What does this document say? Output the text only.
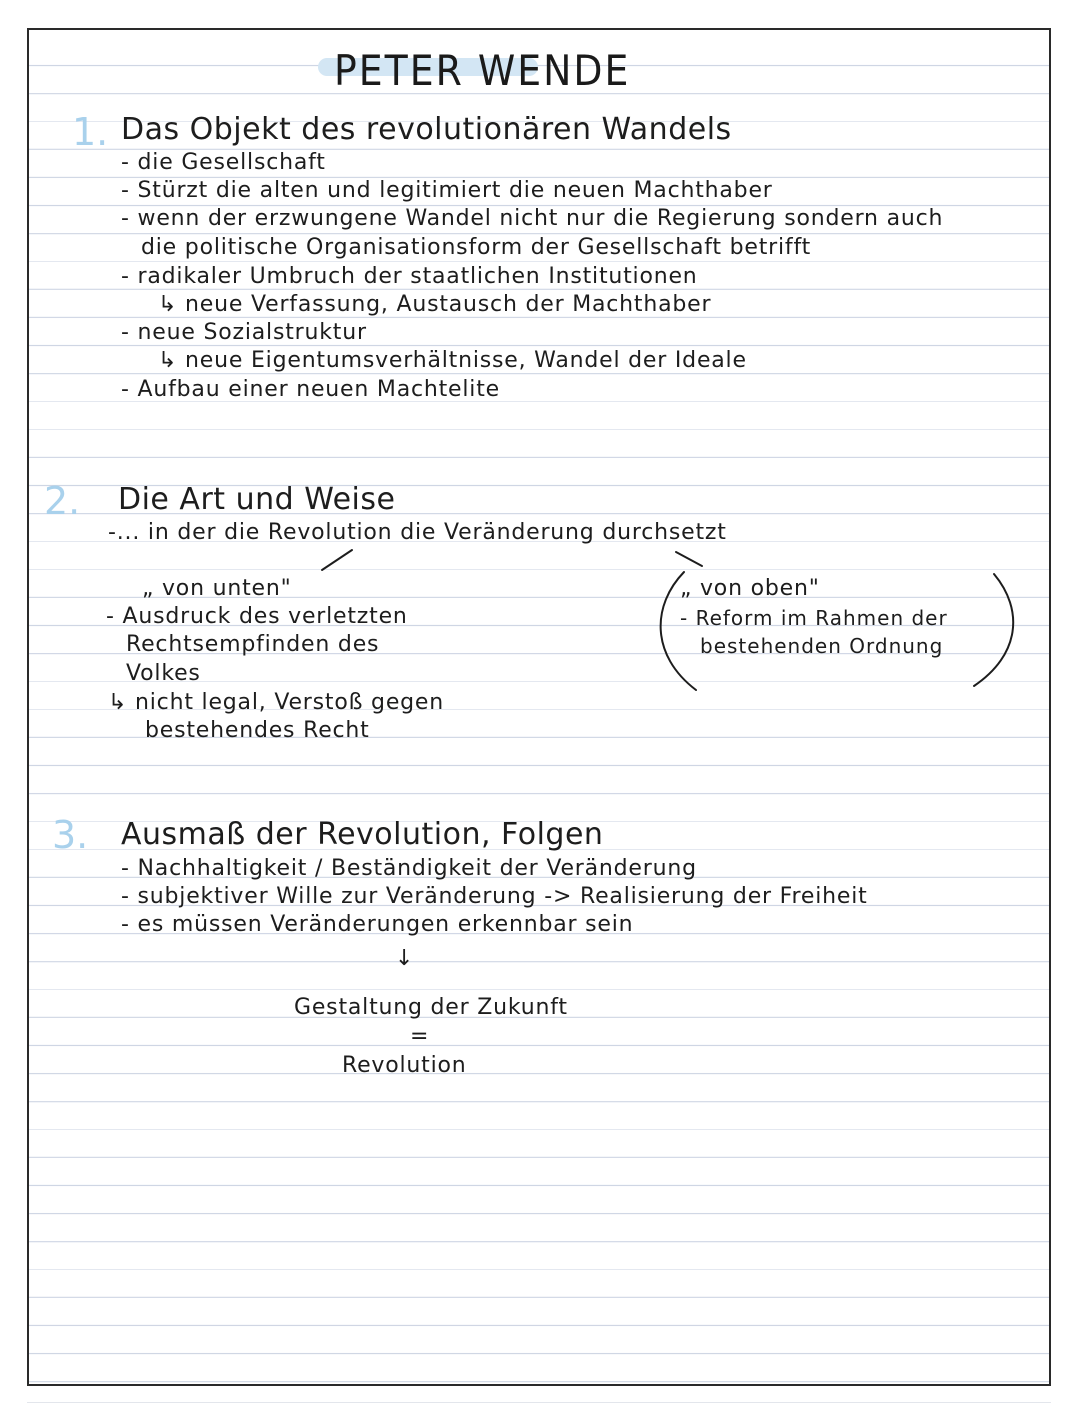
PETER WENDE
1. Das Objekt des revolutionären Wandels
- die Gesellschaft
- Stürzt die alten und legitimiert die neuen Machthaber
- wenn der erzwungene Wandel nicht nur die Regierung sondern auch
die politische Organisationsform der Gesellschaft betrifft
- radikaler Umbruch der staatlichen Institutionen
↳ neue Verfassung, Austausch der Machthaber
- neue Sozialstruktur
↳ neue Eigentumsverhältnisse, Wandel der Ideale
- Aufbau einer neuen Machtelite
2. Die Art und Weise
-... in der die Revolution die Veränderung durchsetzt
„ von unten"
- Ausdruck des verletzten
Rechtsempfinden des
Volkes
↳ nicht legal, Verstoß gegen
bestehendes Recht
„ von oben"
- Reform im Rahmen der
bestehenden Ordnung
3. Ausmaß der Revolution, Folgen
- Nachhaltigkeit / Beständigkeit der Veränderung
- subjektiver Wille zur Veränderung -> Realisierung der Freiheit
- es müssen Veränderungen erkennbar sein
↓
Gestaltung der Zukunft
=
Revolution
